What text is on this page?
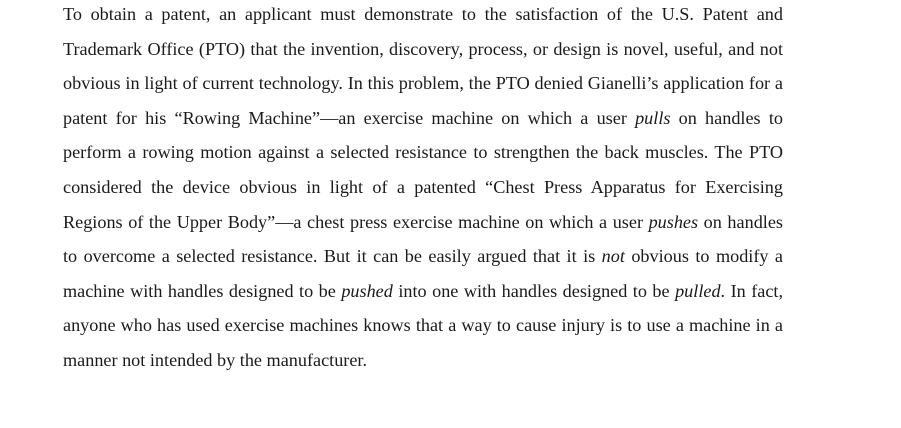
To obtain a patent, an applicant must demonstrate to the satisfaction of the U.S. Patent and Trademark Office (PTO) that the invention, discovery, process, or design is novel, useful, and not obvious in light of current technology. In this problem, the PTO denied Gianelli’s application for a patent for his “Rowing Machine”—an exercise machine on which a user pulls on handles to perform a rowing motion against a selected resistance to strengthen the back muscles. The PTO considered the device obvious in light of a patented “Chest Press Apparatus for Exercising Regions of the Upper Body”—a chest press exercise machine on which a user pushes on handles to overcome a selected resistance. But it can be easily argued that it is not obvious to modify a machine with handles designed to be pushed into one with handles designed to be pulled. In fact, anyone who has used exercise machines knows that a way to cause injury is to use a machine in a manner not intended by the manufacturer.
